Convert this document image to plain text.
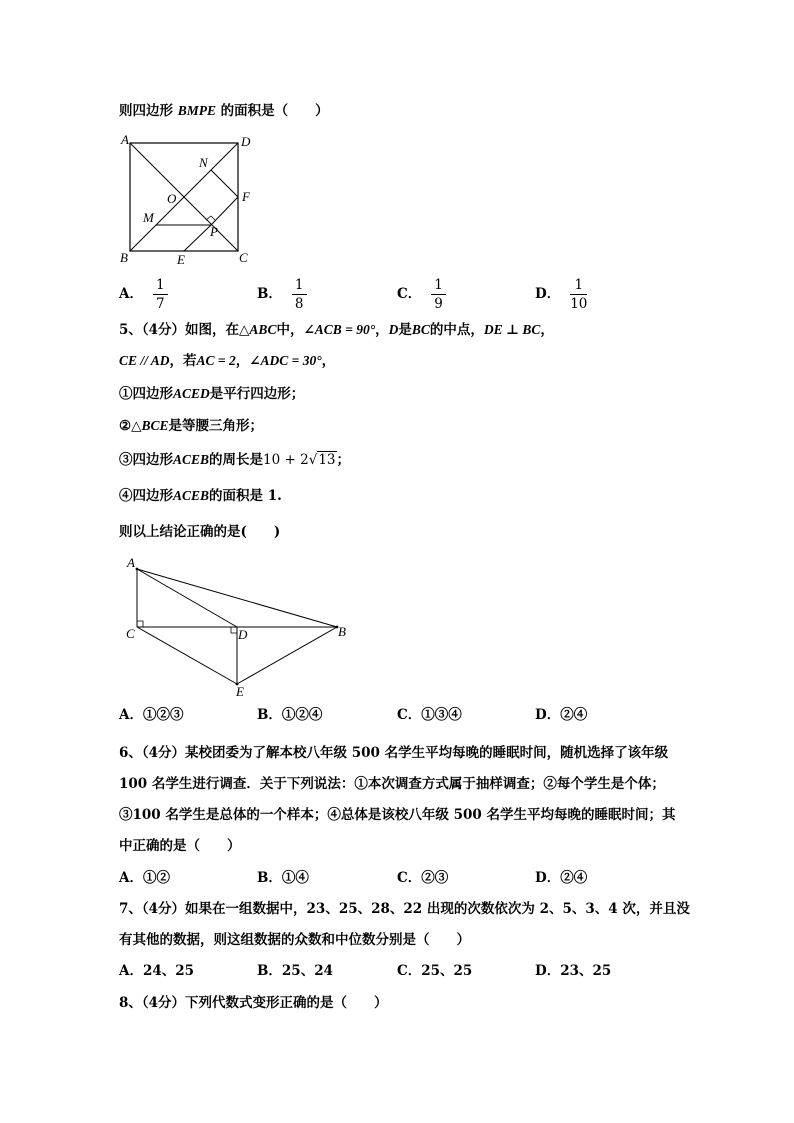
则四边形 BMPE 的面积是（　　）
A	D
N
O	F
M
P
B	E	C
A． $\frac{1}{7}$	B． $\frac{1}{8}$	C． $\frac{1}{9}$	D． $\frac{1}{10}$
5、（4分）如图，在△ABC中，∠ACB = 90°，D是BC的中点，DE ⊥ BC，
CE // AD，若AC = 2，∠ADC = 30°，
①四边形ACED是平行四边形；
②△BCE是等腰三角形；
③四边形ACEB的周长是10 + 2√13；
④四边形ACEB的面积是 1.
则以上结论正确的是(　　)
A
C	D	B
E
A．①②③	B．①②④	C．①③④	D．②④
6、（4分）某校团委为了解本校八年级 500 名学生平均每晚的睡眠时间，随机选择了该年级
100 名学生进行调查．关于下列说法：①本次调查方式属于抽样调查；②每个学生是个体；
③100 名学生是总体的一个样本；④总体是该校八年级 500 名学生平均每晚的睡眠时间；其
中正确的是（　　）
A．①②	B．①④	C．②③	D．②④
7、（4分）如果在一组数据中，23、25、28、22 出现的次数依次为 2、5、3、4 次，并且没
有其他的数据，则这组数据的众数和中位数分别是（　　）
A．24、25	B．25、24	C．25、25	D．23、25
8、（4分）下列代数式变形正确的是（　　）
